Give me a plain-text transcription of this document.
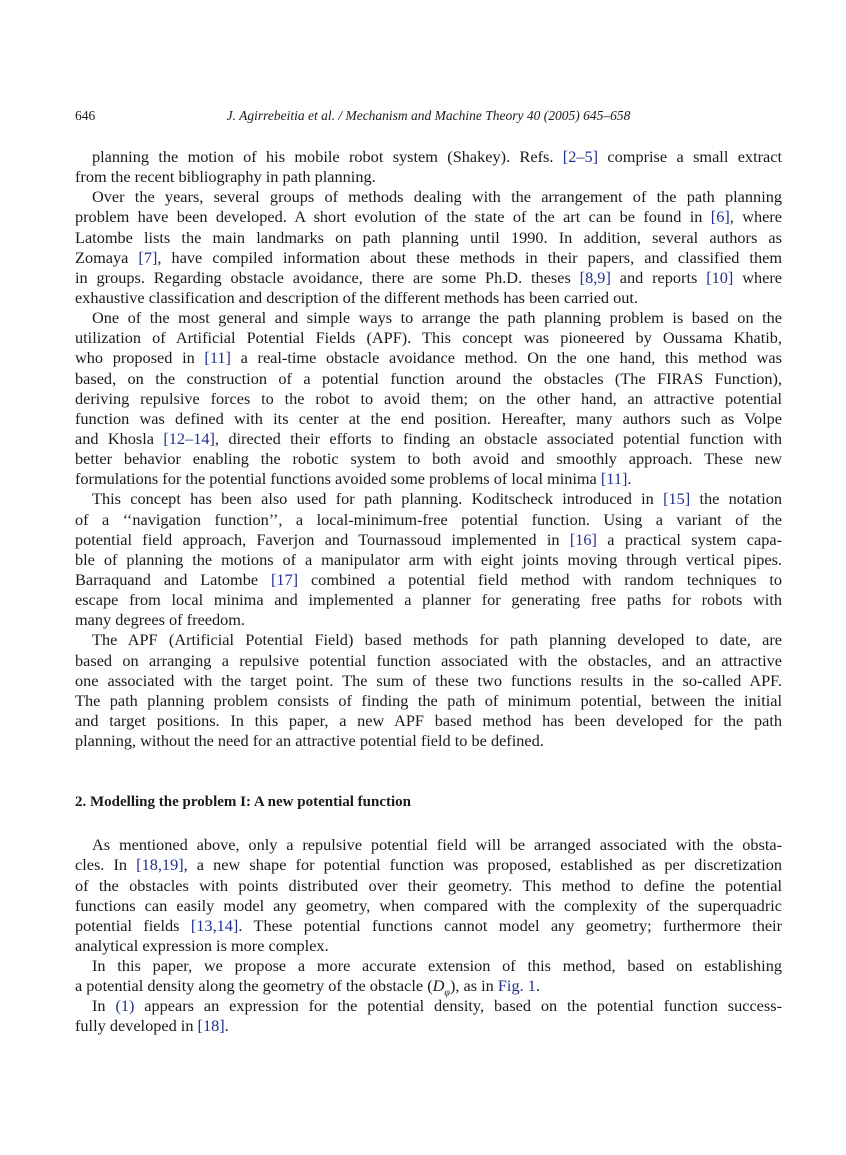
646	J. Agirrebeitia et al. / Mechanism and Machine Theory 40 (2005) 645–658
planning the motion of his mobile robot system (Shakey). Refs. [2–5] comprise a small extract
from the recent bibliography in path planning.
Over the years, several groups of methods dealing with the arrangement of the path planning
problem have been developed. A short evolution of the state of the art can be found in [6], where
Latombe lists the main landmarks on path planning until 1990. In addition, several authors as
Zomaya [7], have compiled information about these methods in their papers, and classified them
in groups. Regarding obstacle avoidance, there are some Ph.D. theses [8,9] and reports [10] where
exhaustive classification and description of the different methods has been carried out.
One of the most general and simple ways to arrange the path planning problem is based on the
utilization of Artificial Potential Fields (APF). This concept was pioneered by Oussama Khatib,
who proposed in [11] a real-time obstacle avoidance method. On the one hand, this method was
based, on the construction of a potential function around the obstacles (The FIRAS Function),
deriving repulsive forces to the robot to avoid them; on the other hand, an attractive potential
function was defined with its center at the end position. Hereafter, many authors such as Volpe
and Khosla [12–14], directed their efforts to finding an obstacle associated potential function with
better behavior enabling the robotic system to both avoid and smoothly approach. These new
formulations for the potential functions avoided some problems of local minima [11].
This concept has been also used for path planning. Koditscheck introduced in [15] the notation
of a ‘‘navigation function’’, a local-minimum-free potential function. Using a variant of the
potential field approach, Faverjon and Tournassoud implemented in [16] a practical system capa-
ble of planning the motions of a manipulator arm with eight joints moving through vertical pipes.
Barraquand and Latombe [17] combined a potential field method with random techniques to
escape from local minima and implemented a planner for generating free paths for robots with
many degrees of freedom.
The APF (Artificial Potential Field) based methods for path planning developed to date, are
based on arranging a repulsive potential function associated with the obstacles, and an attractive
one associated with the target point. The sum of these two functions results in the so-called APF.
The path planning problem consists of finding the path of minimum potential, between the initial
and target positions. In this paper, a new APF based method has been developed for the path
planning, without the need for an attractive potential field to be defined.
2. Modelling the problem I: A new potential function
As mentioned above, only a repulsive potential field will be arranged associated with the obsta-
cles. In [18,19], a new shape for potential function was proposed, established as per discretization
of the obstacles with points distributed over their geometry. This method to define the potential
functions can easily model any geometry, when compared with the complexity of the superquadric
potential fields [13,14]. These potential functions cannot model any geometry; furthermore their
analytical expression is more complex.
In this paper, we propose a more accurate extension of this method, based on establishing
a potential density along the geometry of the obstacle $(D_\varphi)$, as in Fig. 1.
In (1) appears an expression for the potential density, based on the potential function success-
fully developed in [18].
